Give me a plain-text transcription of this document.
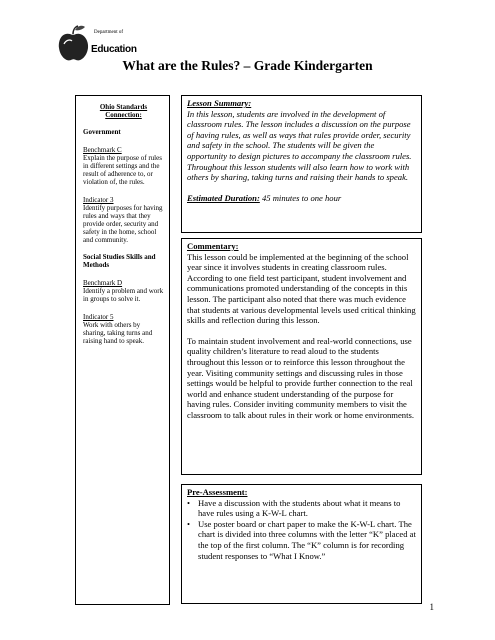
Department of
Education
What are the Rules? – Grade Kindergarten
Ohio Standards Connection:
Government
Benchmark C
Explain the purpose of rules in different settings and the result of adherence to, or violation of, the rules.
Indicator 3
Identify purposes for having rules and ways that they provide order, security and safety in the home, school and community.
Social Studies Skills and Methods
Benchmark D
Identify a problem and work in groups to solve it.
Indicator 5
Work with others by sharing, taking turns and raising hand to speak.
Lesson Summary:
In this lesson, students are involved in the development of classroom rules. The lesson includes a discussion on the purpose of having rules, as well as ways that rules provide order, security and safety in the school. The students will be given the opportunity to design pictures to accompany the classroom rules. Throughout this lesson students will also learn how to work with others by sharing, taking turns and raising their hands to speak.
Estimated Duration: 45 minutes to one hour
Commentary:
This lesson could be implemented at the beginning of the school year since it involves students in creating classroom rules. According to one field test participant, student involvement and communications promoted understanding of the concepts in this lesson. The participant also noted that there was much evidence that students at various developmental levels used critical thinking skills and reflection during this lesson.
To maintain student involvement and real-world connections, use quality children’s literature to read aloud to the students throughout this lesson or to reinforce this lesson throughout the year. Visiting community settings and discussing rules in those settings would be helpful to provide further connection to the real world and enhance student understanding of the purpose for having rules. Consider inviting community members to visit the classroom to talk about rules in their work or home environments.
Pre-Assessment:
• Have a discussion with the students about what it means to have rules using a K-W-L chart.
• Use poster board or chart paper to make the K-W-L chart. The chart is divided into three columns with the letter “K” placed at the top of the first column. The “K” column is for recording student responses to “What I Know.”
1
